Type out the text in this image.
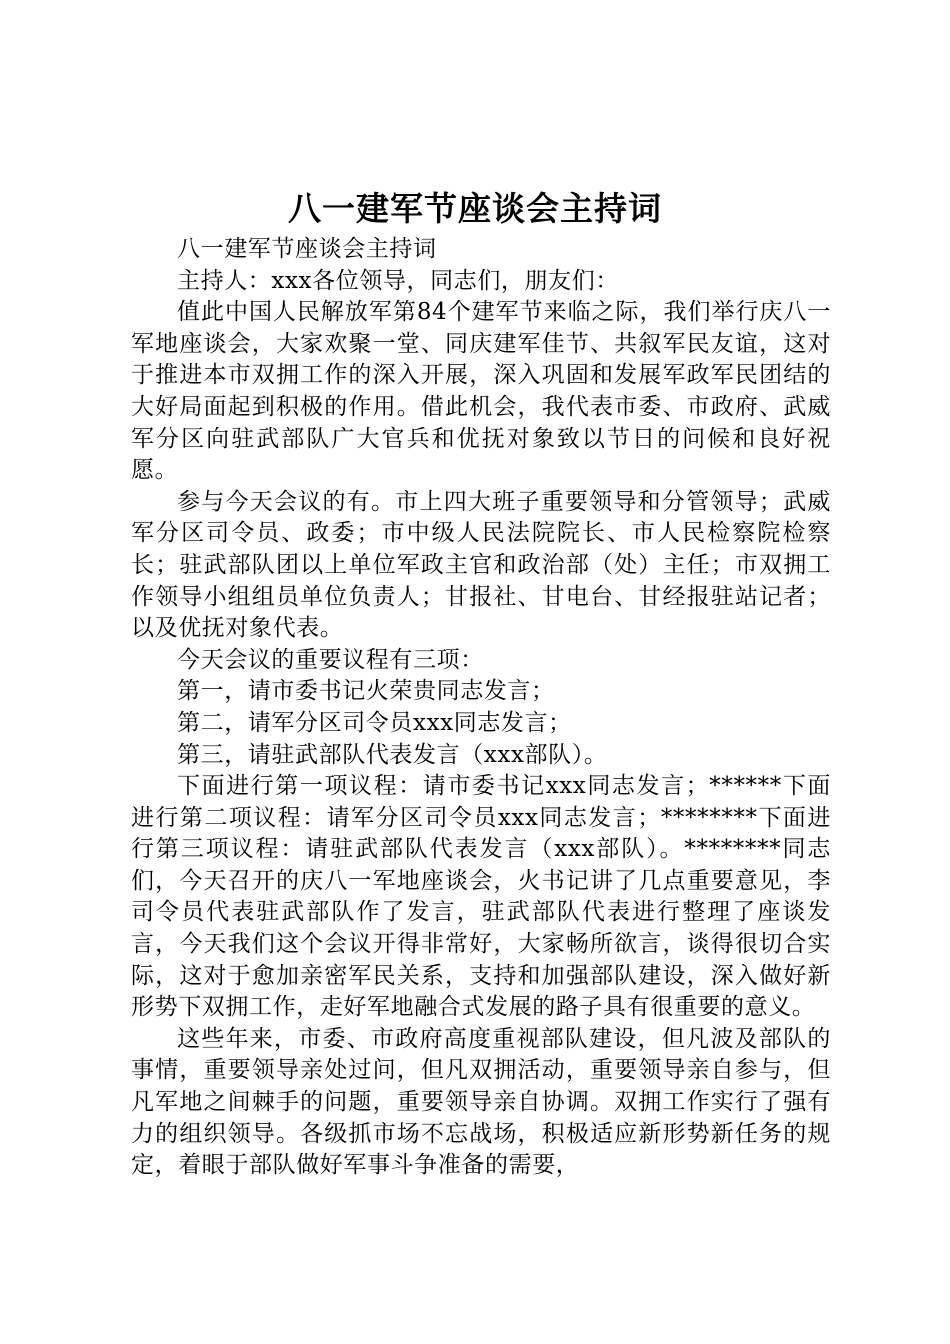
八一建军节座谈会主持词

八一建军节座谈会主持词

主持人：xxx各位领导，同志们，朋友们：

值此中国人民解放军第84个建军节来临之际，我们举行庆八一军地座谈会，大家欢聚一堂、同庆建军佳节、共叙军民友谊，这对于推进本市双拥工作的深入开展，深入巩固和发展军政军民团结的大好局面起到积极的作用。借此机会，我代表市委、市政府、武威军分区向驻武部队广大官兵和优抚对象致以节日的问候和良好祝愿。

参与今天会议的有。市上四大班子重要领导和分管领导；武威军分区司令员、政委；市中级人民法院院长、市人民检察院检察长；驻武部队团以上单位军政主官和政治部（处）主任；市双拥工作领导小组组员单位负责人；甘报社、甘电台、甘经报驻站记者；以及优抚对象代表。

今天会议的重要议程有三项：

第一，请市委书记火荣贵同志发言；

第二，请军分区司令员xxx同志发言；

第三，请驻武部队代表发言（xxx部队）。

下面进行第一项议程：请市委书记xxx同志发言；******下面进行第二项议程：请军分区司令员xxx同志发言；********下面进行第三项议程：请驻武部队代表发言（xxx部队）。********同志们，今天召开的庆八一军地座谈会，火书记讲了几点重要意见，李司令员代表驻武部队作了发言，驻武部队代表进行整理了座谈发言，今天我们这个会议开得非常好，大家畅所欲言，谈得很切合实际，这对于愈加亲密军民关系，支持和加强部队建设，深入做好新形势下双拥工作，走好军地融合式发展的路子具有很重要的意义。

这些年来，市委、市政府高度重视部队建设，但凡波及部队的事情，重要领导亲处过问，但凡双拥活动，重要领导亲自参与，但凡军地之间棘手的问题，重要领导亲自协调。双拥工作实行了强有力的组织领导。各级抓市场不忘战场，积极适应新形势新任务的规定，着眼于部队做好军事斗争准备的需要，
